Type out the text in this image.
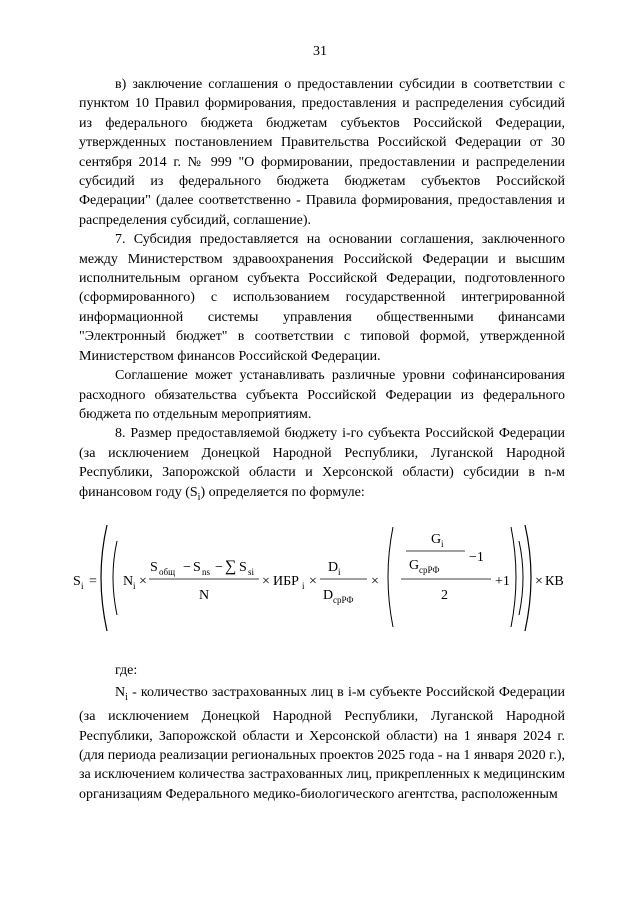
31

в) заключение соглашения о предоставлении субсидии в соответствии с пунктом 10 Правил формирования, предоставления и распределения субсидий из федерального бюджета бюджетам субъектов Российской Федерации, утвержденных постановлением Правительства Российской Федерации от 30 сентября 2014 г. № 999 "О формировании, предоставлении и распределении субсидий из федерального бюджета бюджетам субъектов Российской Федерации" (далее соответственно - Правила формирования, предоставления и распределения субсидий, соглашение).

7. Субсидия предоставляется на основании соглашения, заключенного между Министерством здравоохранения Российской Федерации и высшим исполнительным органом субъекта Российской Федерации, подготовленного (сформированного) с использованием государственной интегрированной информационной системы управления общественными финансами "Электронный бюджет" в соответствии с типовой формой, утвержденной Министерством финансов Российской Федерации.

Соглашение может устанавливать различные уровни софинансирования расходного обязательства субъекта Российской Федерации из федерального бюджета по отдельным мероприятиям.

8. Размер предоставляемой бюджету i-го субъекта Российской Федерации (за исключением Донецкой Народной Республики, Луганской Народной Республики, Запорожской области и Херсонской области) субсидии в n-м финансовом году $(S_i)$ определяется по формуле:

S i = N i ×
S общ − S ns − ∑ S si
N
× ИБР i ×
D i
D срРФ
×
G i
G срРФ
−1
2
+1 × КВ
где:

$N_i$ - количество застрахованных лиц в i-м субъекте Российской Федерации (за исключением Донецкой Народной Республики, Луганской Народной Республики, Запорожской области и Херсонской области) на 1 января 2024 г. (для периода реализации региональных проектов 2025 года - на 1 января 2020 г.), за исключением количества застрахованных лиц, прикрепленных к медицинским организациям Федерального медико-биологического агентства, расположенным
